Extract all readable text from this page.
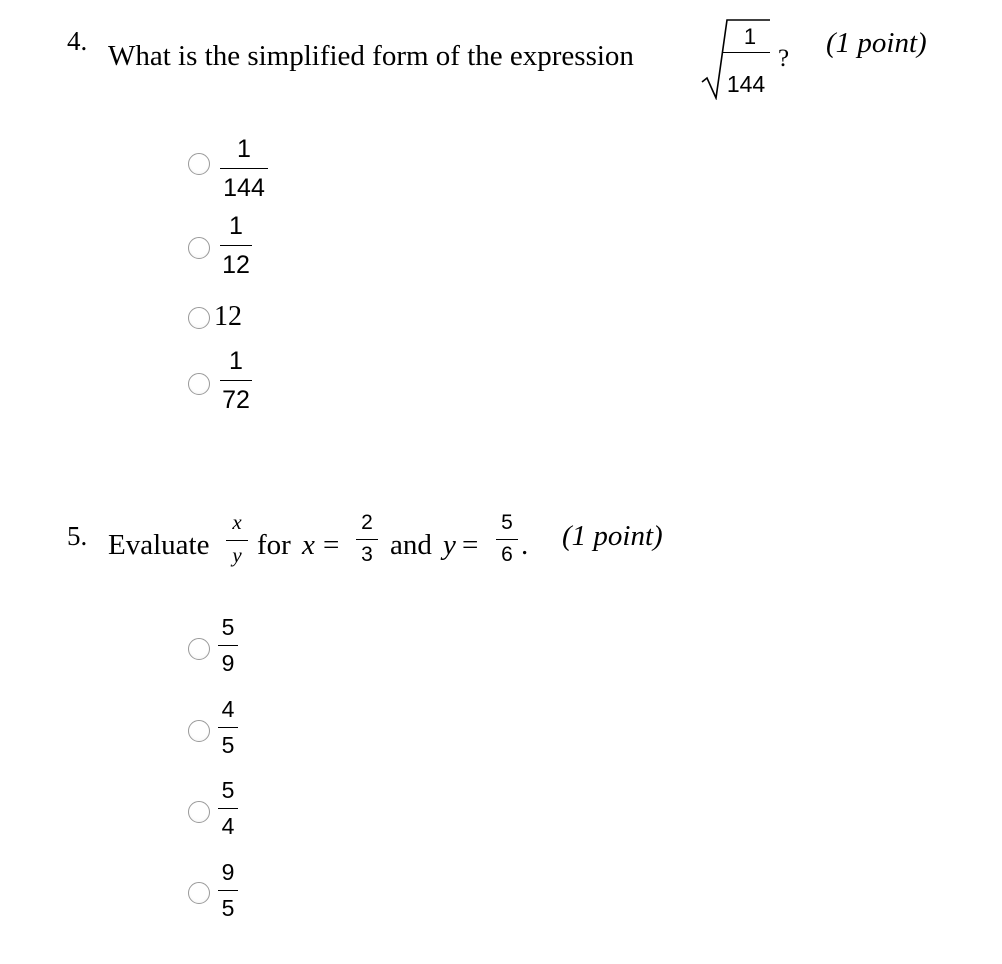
4. What is the simplified form of the expression
1
144
? (1 point)
1
144
1
12
12
1
72
5. Evaluate
x
y for x =
2
3 and y =
5
6 . (1 point)
5
9
4
5
5
4
9
5
